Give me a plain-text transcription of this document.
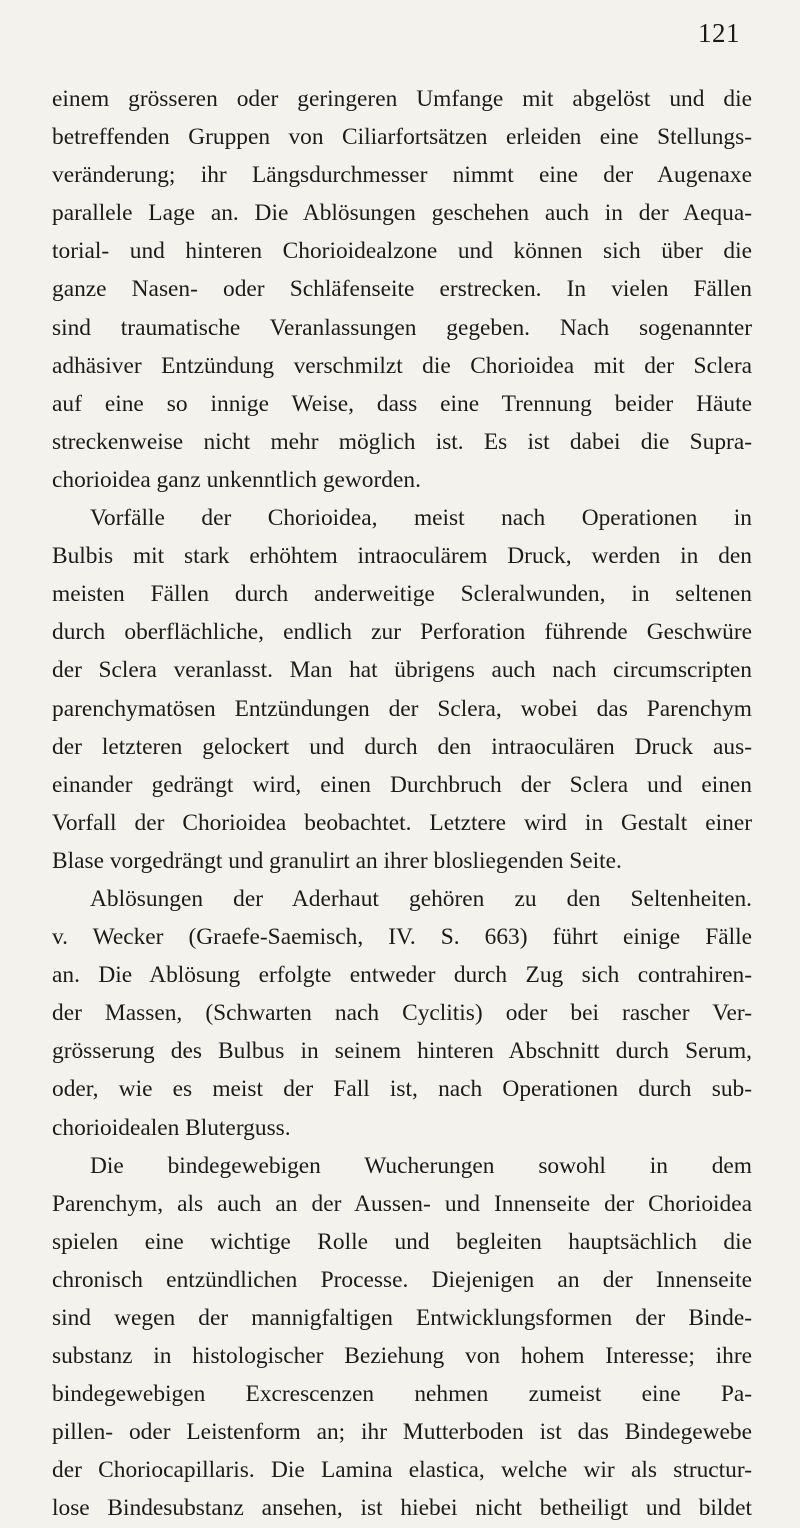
121
einem grösseren oder geringeren Umfange mit abgelöst und die
betreffenden Gruppen von Ciliarfortsätzen erleiden eine Stellungs-
veränderung; ihr Längsdurchmesser nimmt eine der Augenaxe
parallele Lage an. Die Ablösungen geschehen auch in der Aequa-
torial- und hinteren Chorioidealzone und können sich über die
ganze Nasen- oder Schläfenseite erstrecken. In vielen Fällen
sind traumatische Veranlassungen gegeben. Nach sogenannter
adhäsiver Entzündung verschmilzt die Chorioidea mit der Sclera
auf eine so innige Weise, dass eine Trennung beider Häute
streckenweise nicht mehr möglich ist. Es ist dabei die Supra-
chorioidea ganz unkenntlich geworden.
Vorfälle der Chorioidea, meist nach Operationen in
Bulbis mit stark erhöhtem intraoculärem Druck, werden in den
meisten Fällen durch anderweitige Scleralwunden, in seltenen
durch oberflächliche, endlich zur Perforation führende Geschwüre
der Sclera veranlasst. Man hat übrigens auch nach circumscripten
parenchymatösen Entzündungen der Sclera, wobei das Parenchym
der letzteren gelockert und durch den intraoculären Druck aus-
einander gedrängt wird, einen Durchbruch der Sclera und einen
Vorfall der Chorioidea beobachtet. Letztere wird in Gestalt einer
Blase vorgedrängt und granulirt an ihrer blosliegenden Seite.
Ablösungen der Aderhaut gehören zu den Seltenheiten.
v. Wecker (Graefe-Saemisch, IV. S. 663) führt einige Fälle
an. Die Ablösung erfolgte entweder durch Zug sich contrahiren-
der Massen, (Schwarten nach Cyclitis) oder bei rascher Ver-
grösserung des Bulbus in seinem hinteren Abschnitt durch Serum,
oder, wie es meist der Fall ist, nach Operationen durch sub-
chorioidealen Bluterguss.
Die bindegewebigen Wucherungen sowohl in dem
Parenchym, als auch an der Aussen- und Innenseite der Chorioidea
spielen eine wichtige Rolle und begleiten hauptsächlich die
chronisch entzündlichen Processe. Diejenigen an der Innenseite
sind wegen der mannigfaltigen Entwicklungsformen der Binde-
substanz in histologischer Beziehung von hohem Interesse; ihre
bindegewebigen Excrescenzen nehmen zumeist eine Pa-
pillen- oder Leistenform an; ihr Mutterboden ist das Bindegewebe
der Choriocapillaris. Die Lamina elastica, welche wir als structur-
lose Bindesubstanz ansehen, ist hiebei nicht betheiligt und bildet
